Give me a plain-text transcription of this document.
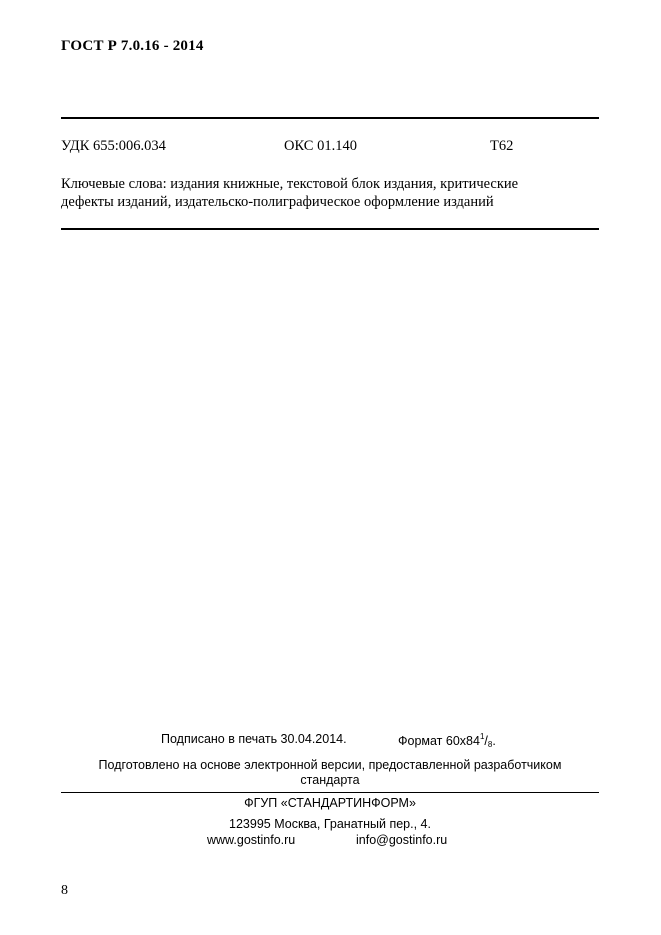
ГОСТ Р 7.0.16 - 2014
УДК 655:006.034	ОКС 01.140	Т62
Ключевые слова: издания книжные, текстовой блок издания, критические
дефекты изданий, издательско-полиграфическое оформление изданий
Подписано в печать 30.04.2014.	Формат $60x84^1/_8$.
Подготовлено на основе электронной версии, предоставленной разработчиком
стандарта
ФГУП «СТАНДАРТИНФОРМ»
123995 Москва, Гранатный пер., 4.
www.gostinfo.ru	info@gostinfo.ru
8
